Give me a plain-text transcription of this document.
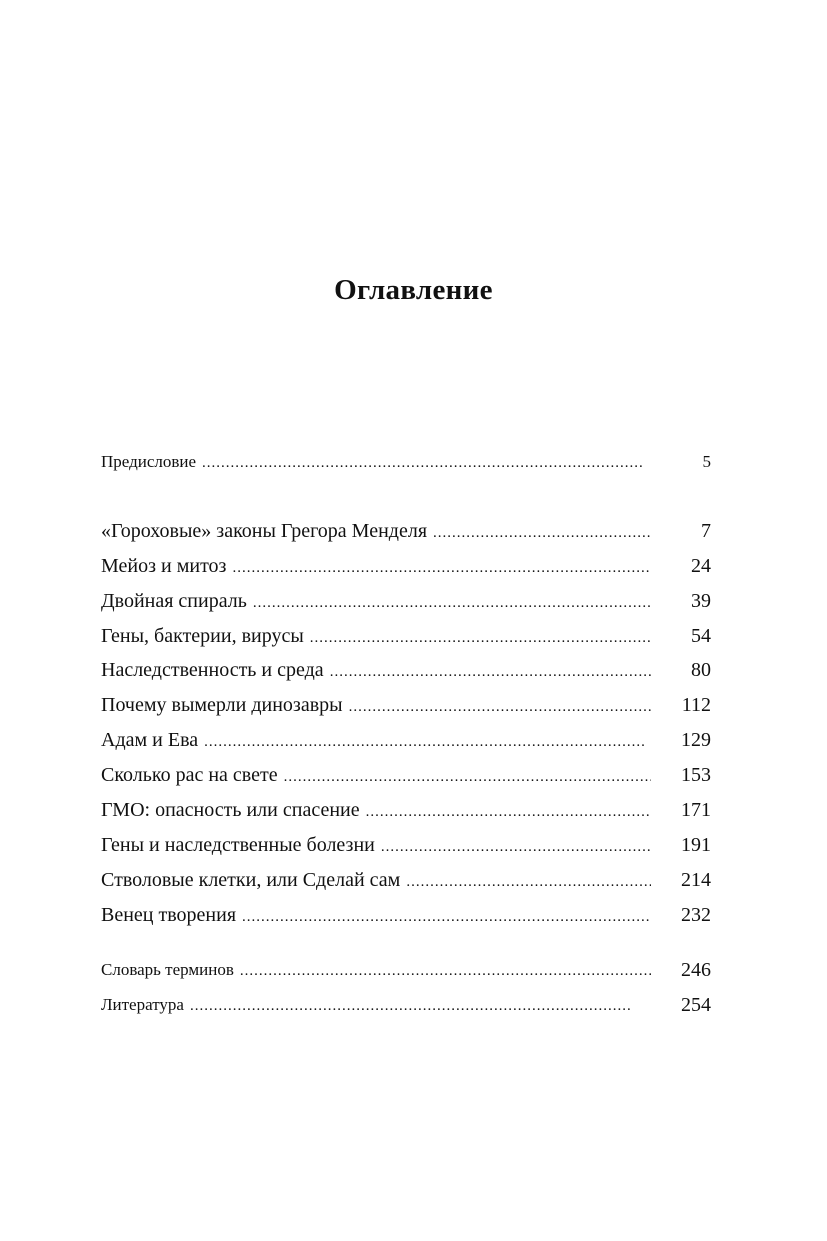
Оглавление
Предисловие .....	5
«Гороховые» законы Грегора Менделя .....	7
Мейоз и митоз .....	24
Двойная спираль .....	39
Гены, бактерии, вирусы .....	54
Наследственность и среда .....	80
Почему вымерли динозавры .....	112
Адам и Ева .....	129
Сколько рас на свете .....	153
ГМО: опасность или спасение .....	171
Гены и наследственные болезни .....	191
Стволовые клетки, или Сделай сам .....	214
Венец творения .....	232
Словарь терминов .....	246
Литература .....	254
